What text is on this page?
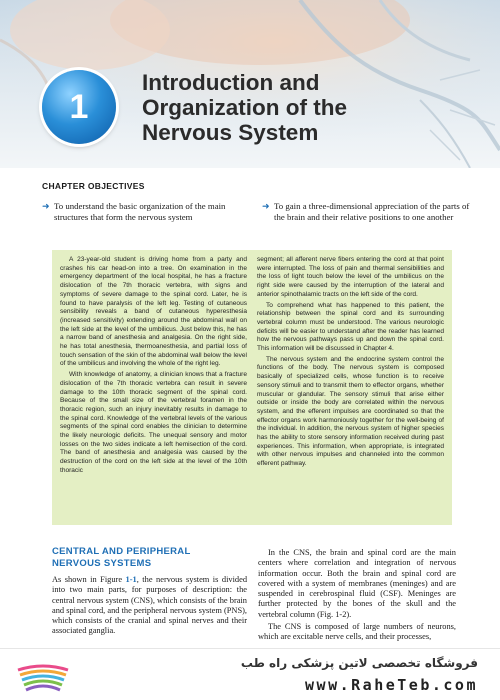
1
Introduction and
Organization of the
Nervous System
CHAPTER OBJECTIVES
➜ To understand the basic organization of the main structures that form the nervous system
➜ To gain a three-dimensional appreciation of the parts of the brain and their relative positions to one another

A 23-year-old student is driving home from a party and crashes his car head-on into a tree. On examination in the emergency department of the local hospital, he has a fracture dislocation of the 7th thoracic vertebra, with signs and symptoms of severe damage to the spinal cord. Later, he is found to have paralysis of the left leg. Testing of cutaneous sensibility reveals a band of cutaneous hyperesthesia (increased sensitivity) extending around the abdominal wall on the left side at the level of the umbilicus. Just below this, he has a narrow band of anesthesia and analgesia. On the right side, he has total anesthesia, thermoanesthesia, and partial loss of touch sensation of the skin of the abdominal wall below the level of the umbilicus and involving the whole of the right leg.

With knowledge of anatomy, a clinician knows that a fracture dislocation of the 7th thoracic vertebra can result in severe damage to the 10th thoracic segment of the spinal cord. Because of the small size of the vertebral foramen in the thoracic region, such an injury inevitably results in damage to the spinal cord. Knowledge of the vertebral levels of the various segments of the spinal cord enables the clinician to determine the likely neurologic deficits. The unequal sensory and motor losses on the two sides indicate a left hemisection of the cord. The band of anesthesia and analgesia was caused by the destruction of the cord on the left side at the level of the 10th thoracic

segment; all afferent nerve fibers entering the cord at that point were interrupted. The loss of pain and thermal sensibilities and the loss of light touch below the level of the umbilicus on the right side were caused by the interruption of the lateral and anterior spinothalamic tracts on the left side of the cord.

To comprehend what has happened to this patient, the relationship between the spinal cord and its surrounding vertebral column must be understood. The various neurologic deficits will be easier to understand after the reader has learned how the nervous pathways pass up and down the spinal cord. This information will be discussed in Chapter 4.

The nervous system and the endocrine system control the functions of the body. The nervous system is composed basically of specialized cells, whose function is to receive sensory stimuli and to transmit them to effector organs, whether muscular or glandular. The sensory stimuli that arise either outside or inside the body are correlated within the nervous system, and the efferent impulses are coordinated so that the effector organs work harmoniously together for the well-being of the individual. In addition, the nervous system of higher species has the ability to store sensory information received during past experiences. This information, when appropriate, is integrated with other nervous impulses and channeled into the common efferent pathway.

CENTRAL AND PERIPHERAL
NERVOUS SYSTEMS
As shown in Figure 1-1, the nervous system is divided into two main parts, for purposes of description: the central nervous system (CNS), which consists of the brain and spinal cord, and the peripheral nervous system (PNS), which consists of the cranial and spinal nerves and their associated ganglia.

In the CNS, the brain and spinal cord are the main centers where correlation and integration of nervous information occur. Both the brain and spinal cord are covered with a system of membranes (meninges) and are suspended in cerebrospinal fluid (CSF). Meninges are further protected by the bones of the skull and the vertebral column (Fig. 1-2).

The CNS is composed of large numbers of neurons, which are excitable nerve cells, and their processes,

فروشگاه تخصصی لاتین پزشکی راه طب
www.RaheTeb.com
